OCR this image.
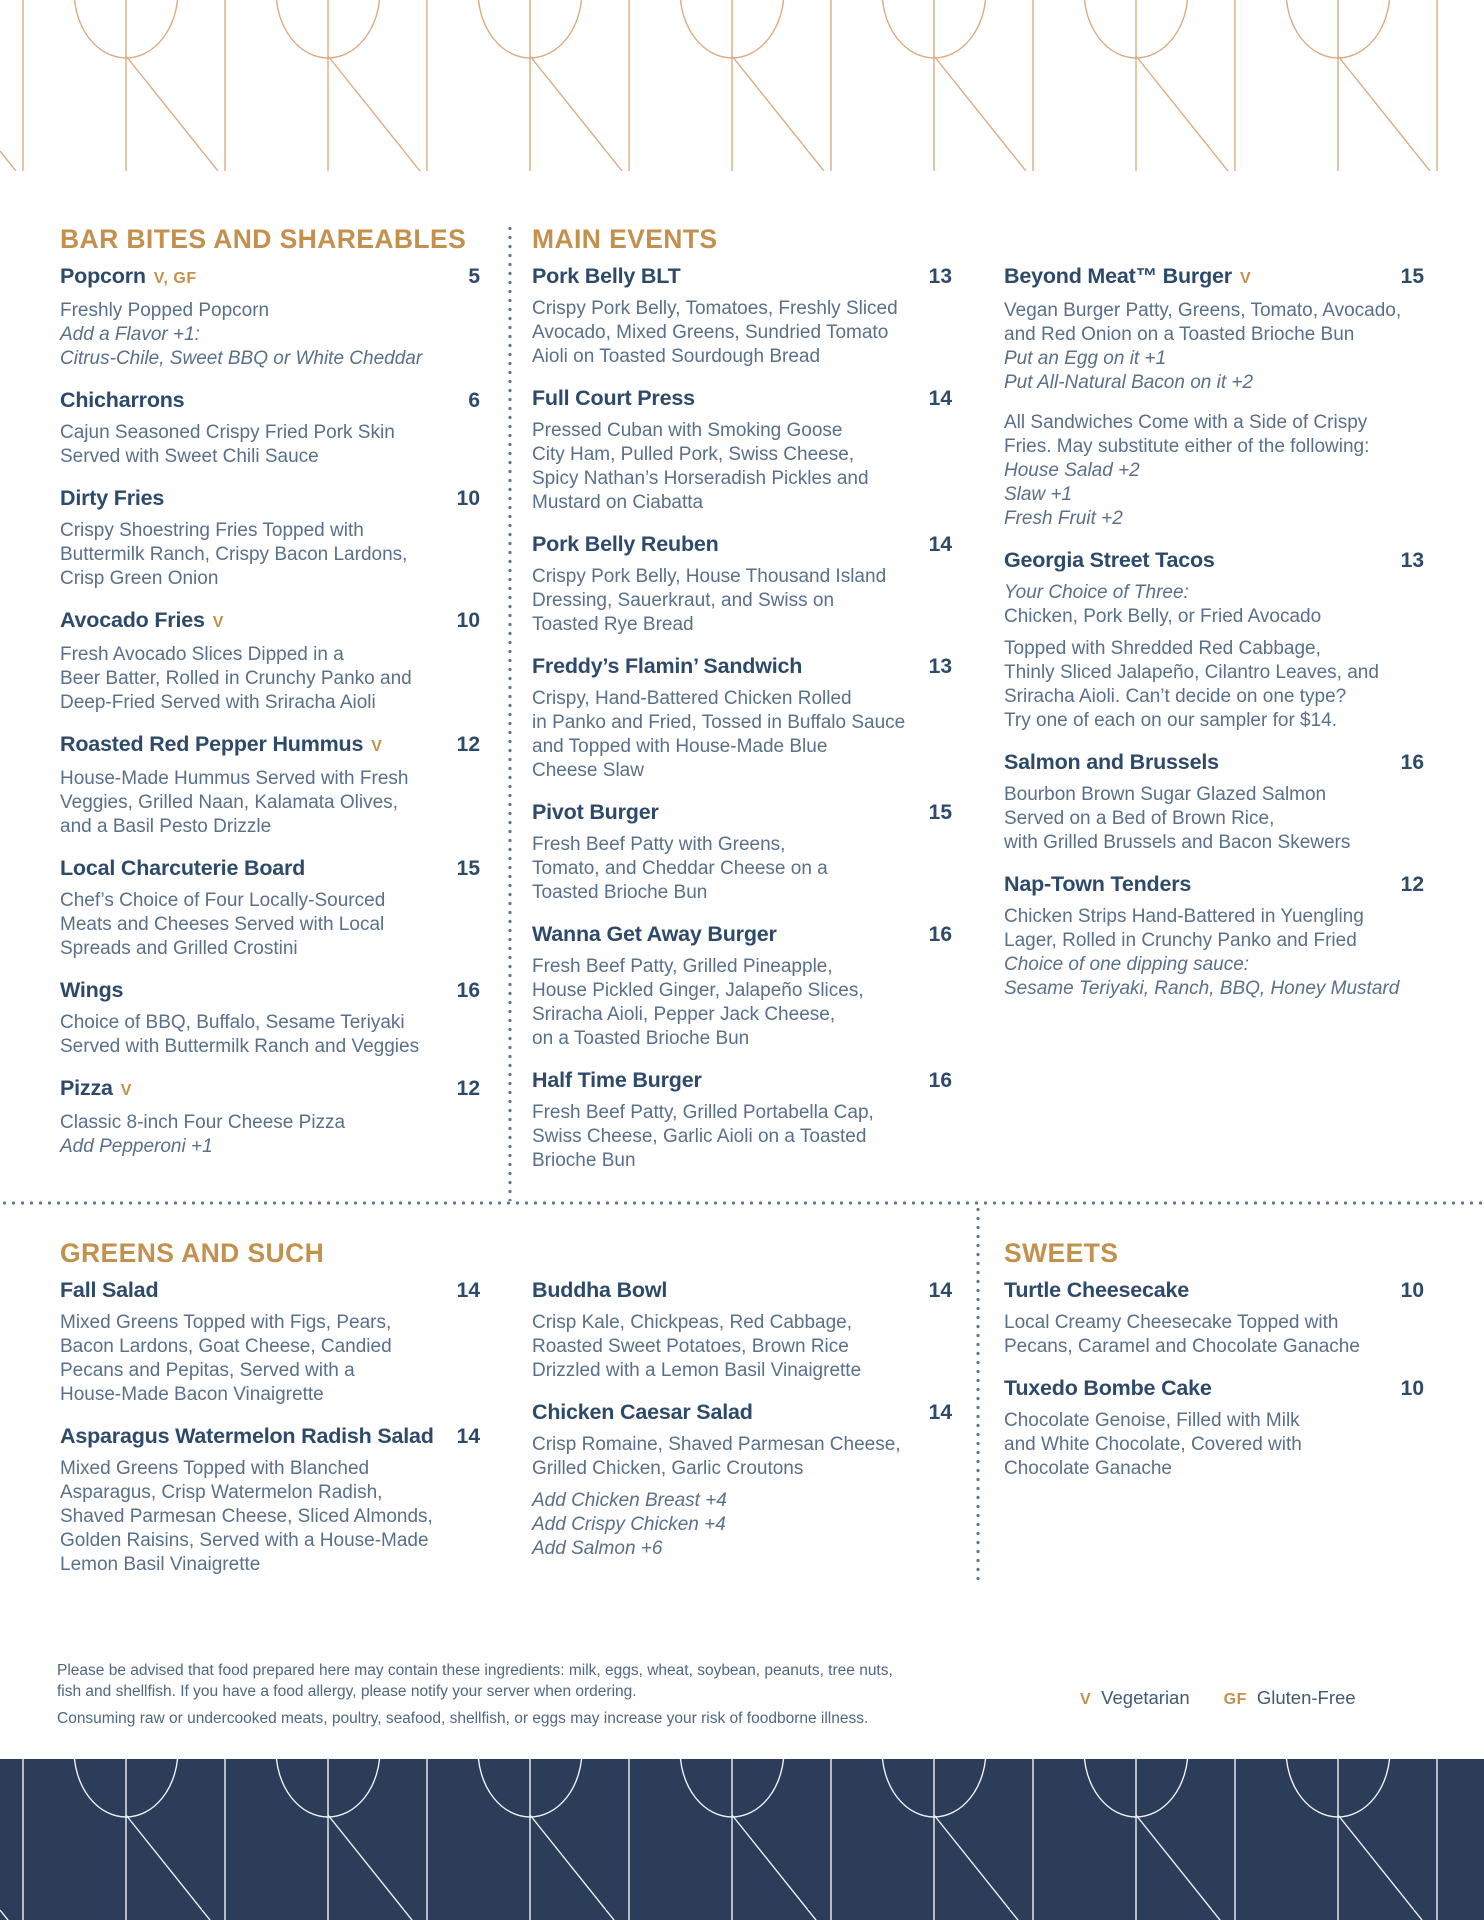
BAR BITES AND SHAREABLES
Popcorn V, GF	5
Freshly Popped Popcorn
Add a Flavor +1:
Citrus-Chile, Sweet BBQ or White Cheddar
Chicharrons	6
Cajun Seasoned Crispy Fried Pork Skin
Served with Sweet Chili Sauce
Dirty Fries	10
Crispy Shoestring Fries Topped with
Buttermilk Ranch, Crispy Bacon Lardons,
Crisp Green Onion
Avocado Fries V	10
Fresh Avocado Slices Dipped in a
Beer Batter, Rolled in Crunchy Panko and
Deep-Fried Served with Sriracha Aioli
Roasted Red Pepper Hummus V	12
House-Made Hummus Served with Fresh
Veggies, Grilled Naan, Kalamata Olives,
and a Basil Pesto Drizzle
Local Charcuterie Board	15
Chef’s Choice of Four Locally-Sourced
Meats and Cheeses Served with Local
Spreads and Grilled Crostini
Wings	16
Choice of BBQ, Buffalo, Sesame Teriyaki
Served with Buttermilk Ranch and Veggies
Pizza V	12
Classic 8-inch Four Cheese Pizza
Add Pepperoni +1
MAIN EVENTS
Pork Belly BLT	13
Crispy Pork Belly, Tomatoes, Freshly Sliced
Avocado, Mixed Greens, Sundried Tomato
Aioli on Toasted Sourdough Bread
Full Court Press	14
Pressed Cuban with Smoking Goose
City Ham, Pulled Pork, Swiss Cheese,
Spicy Nathan’s Horseradish Pickles and
Mustard on Ciabatta
Pork Belly Reuben	14
Crispy Pork Belly, House Thousand Island
Dressing, Sauerkraut, and Swiss on
Toasted Rye Bread
Freddy’s Flamin’ Sandwich	13
Crispy, Hand-Battered Chicken Rolled
in Panko and Fried, Tossed in Buffalo Sauce
and Topped with House-Made Blue
Cheese Slaw
Pivot Burger	15
Fresh Beef Patty with Greens,
Tomato, and Cheddar Cheese on a
Toasted Brioche Bun
Wanna Get Away Burger	16
Fresh Beef Patty, Grilled Pineapple,
House Pickled Ginger, Jalapeño Slices,
Sriracha Aioli, Pepper Jack Cheese,
on a Toasted Brioche Bun
Half Time Burger	16
Fresh Beef Patty, Grilled Portabella Cap,
Swiss Cheese, Garlic Aioli on a Toasted
Brioche Bun
Beyond Meat™ Burger V	15
Vegan Burger Patty, Greens, Tomato, Avocado,
and Red Onion on a Toasted Brioche Bun
Put an Egg on it +1
Put All-Natural Bacon on it +2
All Sandwiches Come with a Side of Crispy
Fries. May substitute either of the following:
House Salad +2
Slaw +1
Fresh Fruit +2
Georgia Street Tacos	13
Your Choice of Three:
Chicken, Pork Belly, or Fried Avocado
Topped with Shredded Red Cabbage,
Thinly Sliced Jalapeño, Cilantro Leaves, and
Sriracha Aioli. Can’t decide on one type?
Try one of each on our sampler for $14.
Salmon and Brussels	16
Bourbon Brown Sugar Glazed Salmon
Served on a Bed of Brown Rice,
with Grilled Brussels and Bacon Skewers
Nap-Town Tenders	12
Chicken Strips Hand-Battered in Yuengling
Lager, Rolled in Crunchy Panko and Fried
Choice of one dipping sauce:
Sesame Teriyaki, Ranch, BBQ, Honey Mustard
GREENS AND SUCH
Fall Salad	14
Mixed Greens Topped with Figs, Pears,
Bacon Lardons, Goat Cheese, Candied
Pecans and Pepitas, Served with a
House-Made Bacon Vinaigrette
Asparagus Watermelon Radish Salad 14
Mixed Greens Topped with Blanched
Asparagus, Crisp Watermelon Radish,
Shaved Parmesan Cheese, Sliced Almonds,
Golden Raisins, Served with a House-Made
Lemon Basil Vinaigrette
Buddha Bowl	14
Crisp Kale, Chickpeas, Red Cabbage,
Roasted Sweet Potatoes, Brown Rice
Drizzled with a Lemon Basil Vinaigrette
Chicken Caesar Salad	14
Crisp Romaine, Shaved Parmesan Cheese,
Grilled Chicken, Garlic Croutons
Add Chicken Breast +4
Add Crispy Chicken +4
Add Salmon +6
SWEETS
Turtle Cheesecake	10
Local Creamy Cheesecake Topped with
Pecans, Caramel and Chocolate Ganache
Tuxedo Bombe Cake	10
Chocolate Genoise, Filled with Milk
and White Chocolate, Covered with
Chocolate Ganache
Please be advised that food prepared here may contain these ingredients: milk, eggs, wheat, soybean, peanuts, tree nuts,
fish and shellfish. If you have a food allergy, please notify your server when ordering.
Consuming raw or undercooked meats, poultry, seafood, shellfish, or eggs may increase your risk of foodborne illness.
V Vegetarian GF Gluten-Free
